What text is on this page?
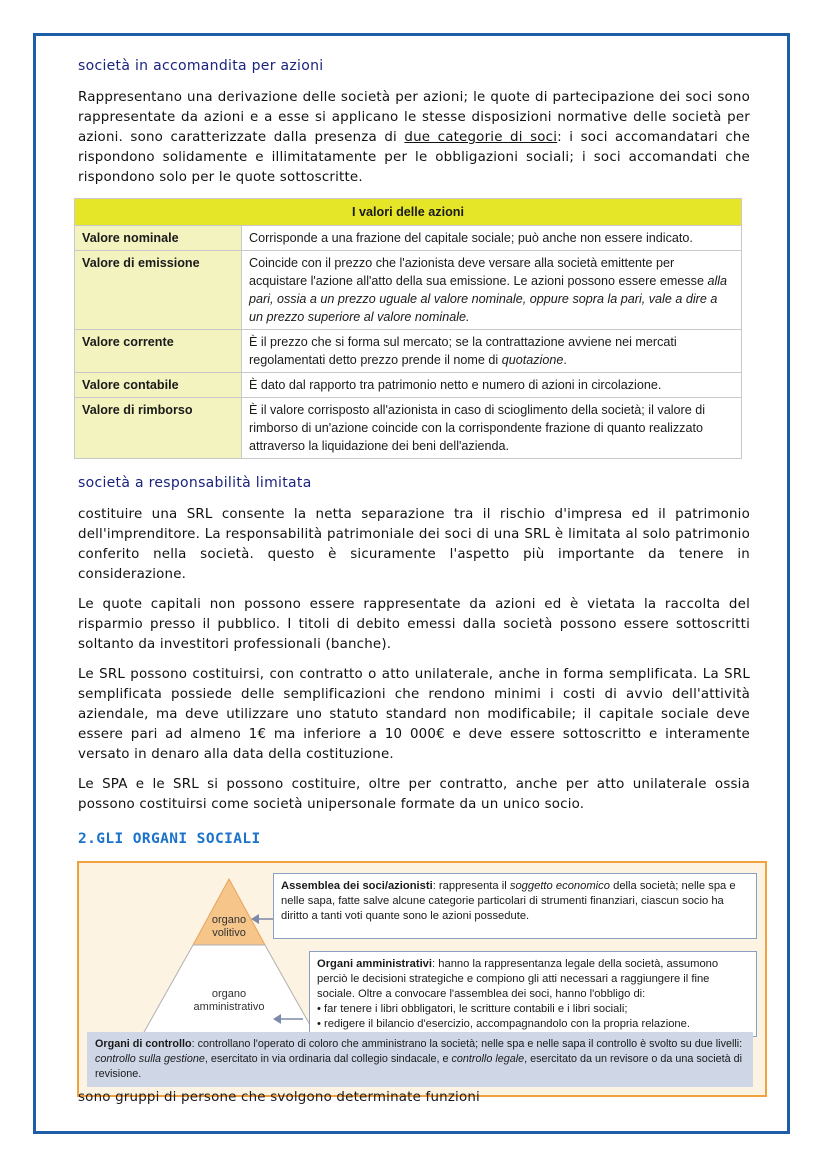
società in accomandita per azioni

Rappresentano una derivazione delle società per azioni; le quote di partecipazione dei soci sono rappresentate da azioni e a esse si applicano le stesse disposizioni normative delle società per azioni. sono caratterizzate dalla presenza di due categorie di soci: i soci accomandatari che rispondono solidamente e illimitatamente per le obbligazioni sociali; i soci accomandati che rispondono solo per le quote sottoscritte.

I valori delle azioni	
Valore nominale	Corrisponde a una frazione del capitale sociale; può anche non essere indicato.
Valore di emissione	Coincide con il prezzo che l'azionista deve versare alla società emittente per acquistare l'azione all'atto della sua emissione. Le azioni possono essere emesse alla pari, ossia a un prezzo uguale al valore nominale, oppure sopra la pari, vale a dire a un prezzo superiore al valore nominale.
Valore corrente	È il prezzo che si forma sul mercato; se la contrattazione avviene nei mercati regolamentati detto prezzo prende il nome di quotazione.
Valore contabile	È dato dal rapporto tra patrimonio netto e numero di azioni in circolazione.
Valore di rimborso	È il valore corrisposto all'azionista in caso di scioglimento della società; il valore di rimborso di un'azione coincide con la corrispondente frazione di quanto realizzato attraverso la liquidazione dei beni dell'azienda.
società a responsabilità limitata

costituire una SRL consente la netta separazione tra il rischio d'impresa ed il patrimonio dell'imprenditore. La responsabilità patrimoniale dei soci di una SRL è limitata al solo patrimonio conferito nella società. questo è sicuramente l'aspetto più importante da tenere in considerazione.

Le quote capitali non possono essere rappresentate da azioni ed è vietata la raccolta del risparmio presso il pubblico. I titoli di debito emessi dalla società possono essere sottoscritti soltanto da investitori professionali (banche).

Le SRL possono costituirsi, con contratto o atto unilaterale, anche in forma semplificata. La SRL semplificata possiede delle semplificazioni che rendono minimi i costi di avvio dell'attività aziendale, ma deve utilizzare uno statuto standard non modificabile; il capitale sociale deve essere pari ad almeno 1€ ma inferiore a 10 000€ e deve essere sottoscritto e interamente versato in denaro alla data della costituzione.

Le SPA e le SRL si possono costituire, oltre per contratto, anche per atto unilaterale ossia possono costituirsi come società unipersonale formate da un unico socio.

2.GLI ORGANI SOCIALI
organo
volitivo
organo
amministrativo
Assemblea dei soci/azionisti: rappresenta il soggetto economico della società; nelle spa e nelle sapa, fatte salve alcune categorie particolari di strumenti finanziari, ciascun socio ha diritto a tanti voti quante sono le azioni possedute.
Organi amministrativi: hanno la rappresentanza legale della società, assumono perciò le decisioni strategiche e compiono gli atti necessari a raggiungere il fine sociale. Oltre a convocare l'assemblea dei soci, hanno l'obbligo di:
• far tenere i libri obbligatori, le scritture contabili e i libri sociali;
• redigere il bilancio d'esercizio, accompagnandolo con la propria relazione.
Organi di controllo: controllano l'operato di coloro che amministrano la società; nelle spa e nelle sapa il controllo è svolto su due livelli: controllo sulla gestione, esercitato in via ordinaria dal collegio sindacale, e controllo legale, esercitato da un revisore o da una società di revisione.
sono gruppi di persone che svolgono determinate funzioni
